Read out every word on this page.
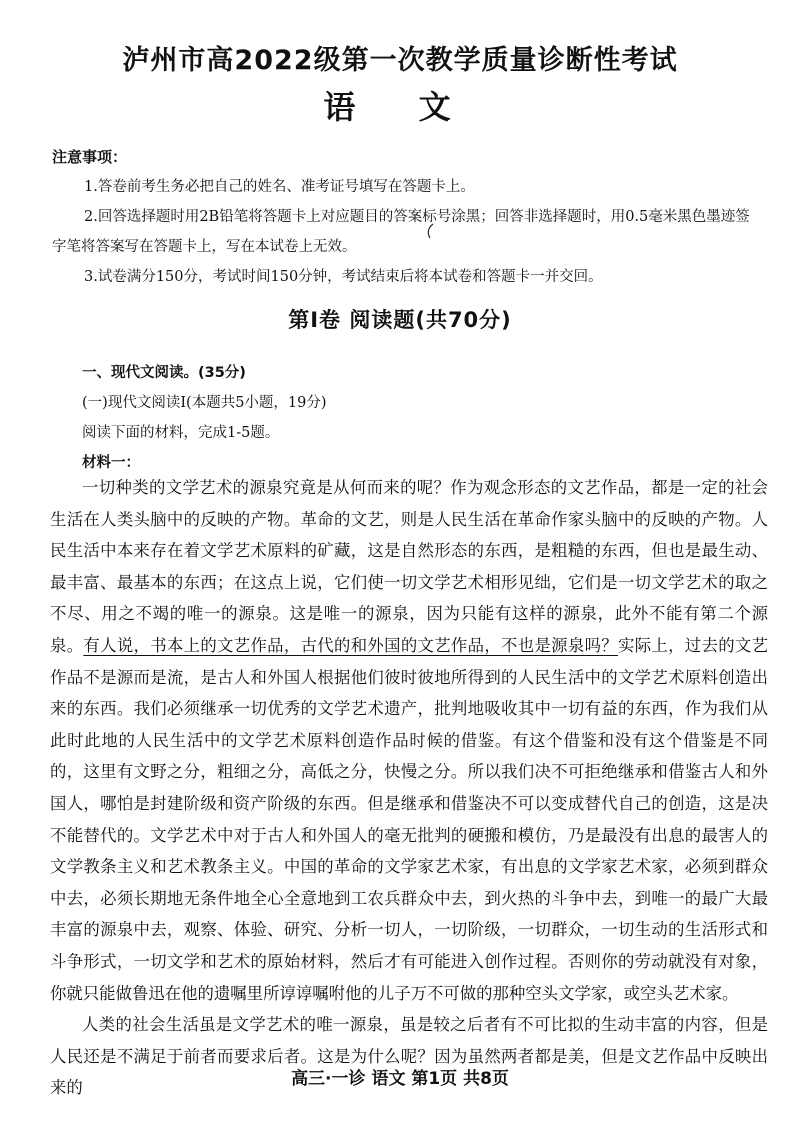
泸州市高2022级第一次教学质量诊断性考试
语 文
注意事项：

1.答卷前考生务必把自己的姓名、准考证号填写在答题卡上。

2.回答选择题时用2B铅笔将答题卡上对应题目的答案标号涂黑；回答非选择题时，用0.5毫米黑色墨迹签字笔将答案写在答题卡上，写在本试卷上无效。

3.试卷满分150分，考试时间150分钟，考试结束后将本试卷和答题卡一并交回。

第Ⅰ卷 阅读题(共70分)
一、现代文阅读。(35分)
(一)现代文阅读Ⅰ(本题共5小题，19分)
阅读下面的材料，完成1-5题。
材料一：

一切种类的文学艺术的源泉究竟是从何而来的呢？作为观念形态的文艺作品，都是一定的社会生活在人类头脑中的反映的产物。革命的文艺，则是人民生活在革命作家头脑中的反映的产物。人民生活中本来存在着文学艺术原料的矿藏，这是自然形态的东西，是粗糙的东西，但也是最生动、最丰富、最基本的东西；在这点上说，它们使一切文学艺术相形见绌，它们是一切文学艺术的取之不尽、用之不竭的唯一的源泉。这是唯一的源泉，因为只能有这样的源泉，此外不能有第二个源泉。有人说，书本上的文艺作品，古代的和外国的文艺作品，不也是源泉吗？实际上，过去的文艺作品不是源而是流，是古人和外国人根据他们彼时彼地所得到的人民生活中的文学艺术原料创造出来的东西。我们必须继承一切优秀的文学艺术遗产，批判地吸收其中一切有益的东西，作为我们从此时此地的人民生活中的文学艺术原料创造作品时候的借鉴。有这个借鉴和没有这个借鉴是不同的，这里有文野之分，粗细之分，高低之分，快慢之分。所以我们决不可拒绝继承和借鉴古人和外国人，哪怕是封建阶级和资产阶级的东西。但是继承和借鉴决不可以变成替代自己的创造，这是决不能替代的。文学艺术中对于古人和外国人的毫无批判的硬搬和模仿，乃是最没有出息的最害人的文学教条主义和艺术教条主义。中国的革命的文学家艺术家，有出息的文学家艺术家，必须到群众中去，必须长期地无条件地全心全意地到工农兵群众中去，到火热的斗争中去，到唯一的最广大最丰富的源泉中去，观察、体验、研究、分析一切人，一切阶级，一切群众，一切生动的生活形式和斗争形式，一切文学和艺术的原始材料，然后才有可能进入创作过程。否则你的劳动就没有对象，你就只能做鲁迅在他的遗嘱里所谆谆嘱咐他的儿子万不可做的那种空头文学家，或空头艺术家。

人类的社会生活虽是文学艺术的唯一源泉，虽是较之后者有不可比拟的生动丰富的内容，但是人民还是不满足于前者而要求后者。这是为什么呢？因为虽然两者都是美，但是文艺作品中反映出来的	高三·一诊 语文 第1页 共8页
